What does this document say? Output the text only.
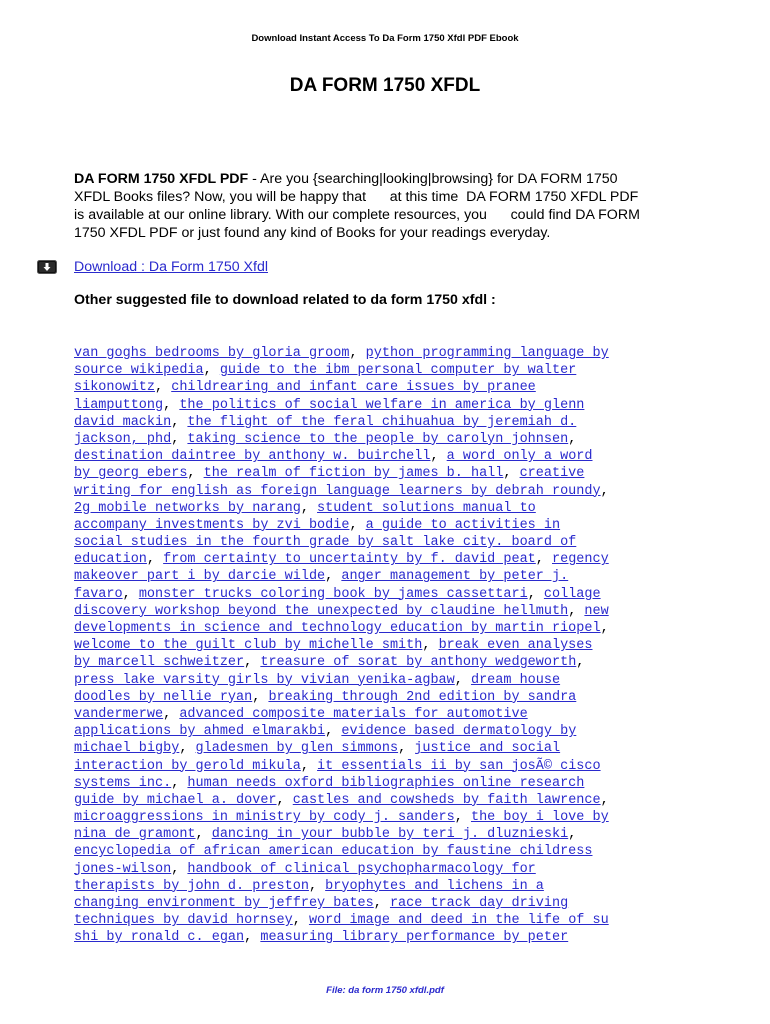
Download Instant Access To Da Form 1750 Xfdl PDF Ebook
DA FORM 1750 XFDL
DA FORM 1750 XFDL PDF - Are you {searching|looking|browsing} for DA FORM 1750
XFDL Books files? Now, you will be happy that      at this time  DA FORM 1750 XFDL PDF
is available at our online library. With our complete resources, you      could find DA FORM
1750 XFDL PDF or just found any kind of Books for your readings everyday.
Download : Da Form 1750 Xfdl
Other suggested file to download related to da form 1750 xfdl :
van goghs bedrooms by gloria groom, python programming language by
source wikipedia, guide to the ibm personal computer by walter
sikonowitz, childrearing and infant care issues by pranee
liamputtong, the politics of social welfare in america by glenn
david mackin, the flight of the feral chihuahua by jeremiah d.
jackson, phd, taking science to the people by carolyn johnsen,
destination daintree by anthony w. buirchell, a word only a word
by georg ebers, the realm of fiction by james b. hall, creative
writing for english as foreign language learners by debrah roundy,
2g mobile networks by narang, student solutions manual to
accompany investments by zvi bodie, a guide to activities in
social studies in the fourth grade by salt lake city. board of
education, from certainty to uncertainty by f. david peat, regency
makeover part i by darcie wilde, anger management by peter j.
favaro, monster trucks coloring book by james cassettari, collage
discovery workshop beyond the unexpected by claudine hellmuth, new
developments in science and technology education by martin riopel,
welcome to the guilt club by michelle smith, break even analyses
by marcell schweitzer, treasure of sorat by anthony wedgeworth,
press lake varsity girls by vivian yenika-agbaw, dream house
doodles by nellie ryan, breaking through 2nd edition by sandra
vandermerwe, advanced composite materials for automotive
applications by ahmed elmarakbi, evidence based dermatology by
michael bigby, gladesmen by glen simmons, justice and social
interaction by gerold mikula, it essentials ii by san josÃ© cisco
systems inc., human needs oxford bibliographies online research
guide by michael a. dover, castles and cowsheds by faith lawrence,
microaggressions in ministry by cody j. sanders, the boy i love by
nina de gramont, dancing in your bubble by teri j. dluznieski,
encyclopedia of african american education by faustine childress
jones-wilson, handbook of clinical psychopharmacology for
therapists by john d. preston, bryophytes and lichens in a
changing environment by jeffrey bates, race track day driving
techniques by david hornsey, word image and deed in the life of su
shi by ronald c. egan, measuring library performance by peter
File: da form 1750 xfdl.pdf
